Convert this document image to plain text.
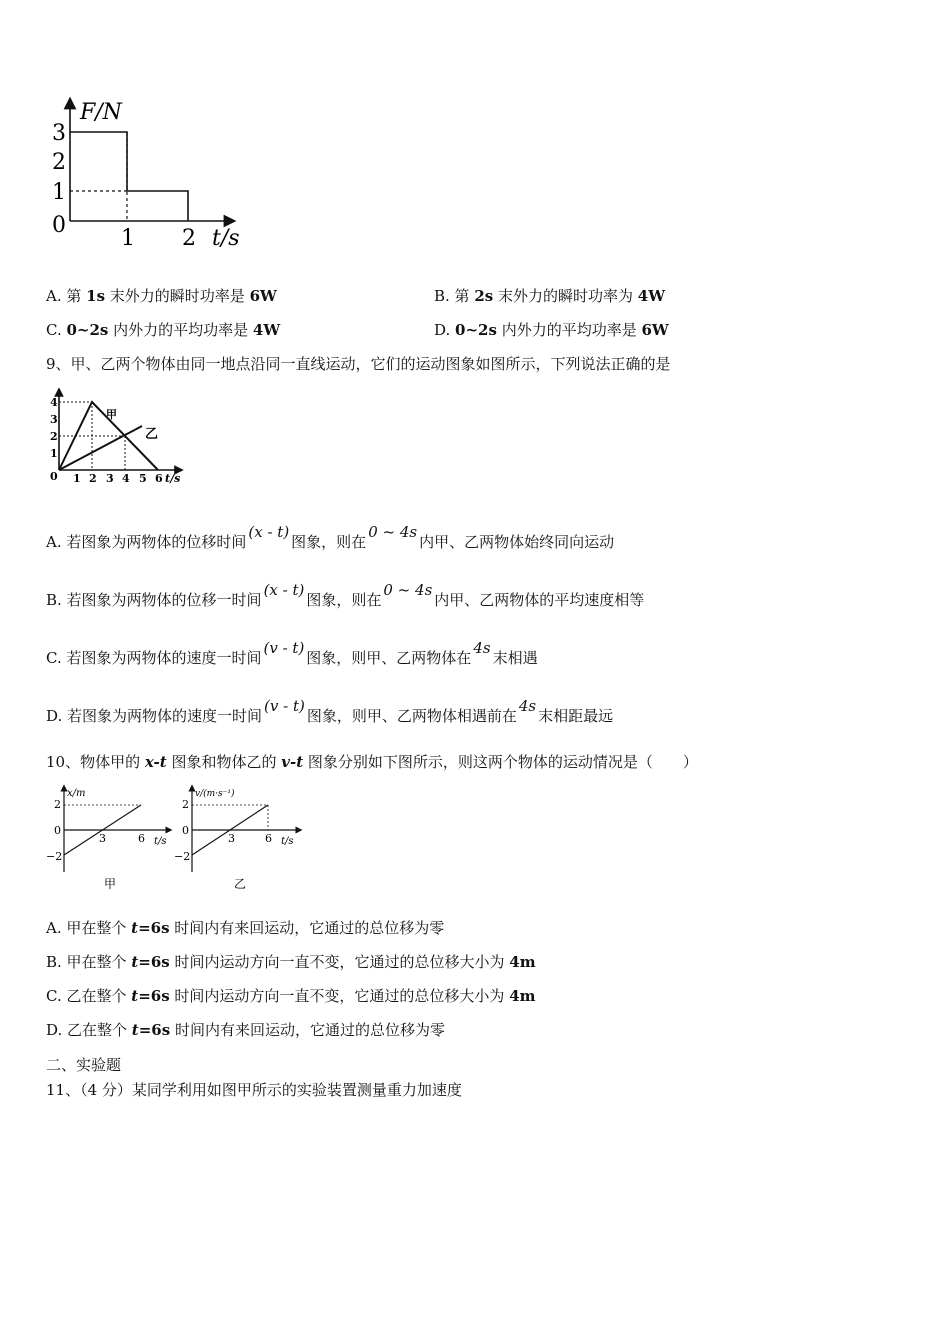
F/N
3
2
1
0
1 2 t/s
A. 第 1s 末外力的瞬时功率是 6W	B. 第 2s 末外力的瞬时功率为 4W
C. 0~2s 内外力的平均功率是 4W	D. 0~2s 内外力的平均功率是 6W
9、甲、乙两个物体由同一地点沿同一直线运动，它们的运动图象如图所示，下列说法正确的是
4
3
2
1
0 1 2 3 4 5 6 t/s
甲
乙
A. 若图象为两物体的位移时间(x - t)图象，则在0 ~ 4s内甲、乙两物体始终同向运动
B. 若图象为两物体的位移一时间(x - t)图象，则在0 ~ 4s内甲、乙两物体的平均速度相等
C. 若图象为两物体的速度一时间(v - t)图象，则甲、乙两物体在4s末相遇
D. 若图象为两物体的速度一时间(v - t)图象，则甲、乙两物体相遇前在4s末相距最远
10、物体甲的 x-t 图象和物体乙的 v-t 图象分别如下图所示，则这两个物体的运动情况是（　　）
x/m
2
0
−2
3	6 t/s
甲
v/(m·s⁻¹)
2
0
−2
3	6 t/s
乙
A. 甲在整个 t=6s 时间内有来回运动，它通过的总位移为零
B. 甲在整个 t=6s 时间内运动方向一直不变，它通过的总位移大小为 4m
C. 乙在整个 t=6s 时间内运动方向一直不变，它通过的总位移大小为 4m
D. 乙在整个 t=6s 时间内有来回运动，它通过的总位移为零
二、实验题
11、（4 分）某同学利用如图甲所示的实验装置测量重力加速度
